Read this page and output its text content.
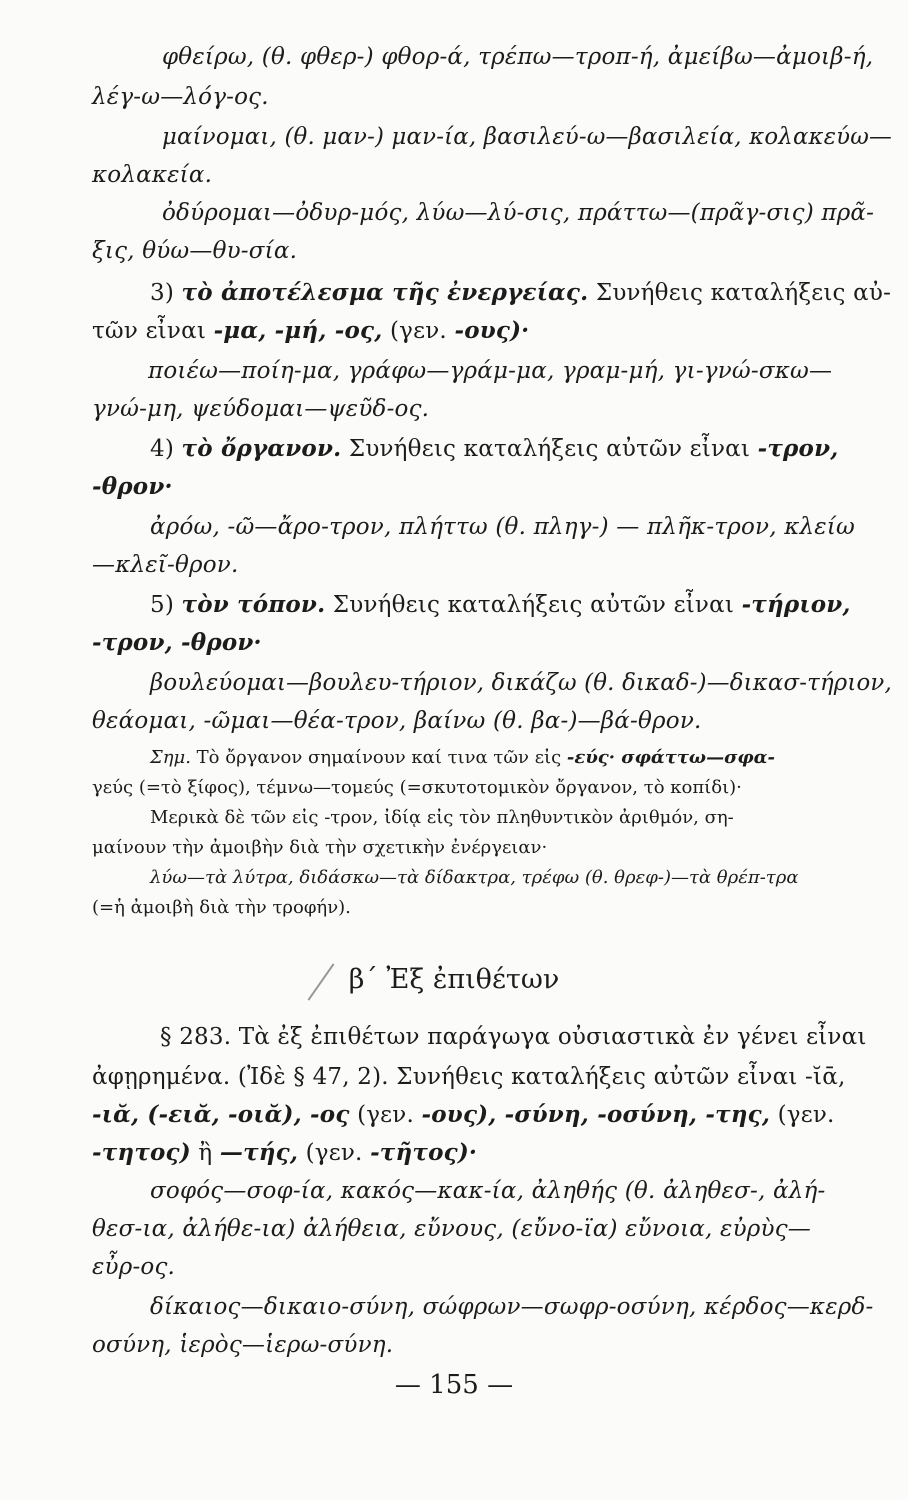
φθείρω, (θ. φθερ-) φθορ-ά, τρέπω—τροπ-ή, ἀμείβω—ἀμοιβ-ή,
λέγ-ω—λόγ-ος.
μαίνομαι, (θ. μαν-) μαν-ία, βασιλεύ-ω—βασιλεία, κολακεύω—
κολακεία.
ὀδύρομαι—ὀδυρ-μός, λύω—λύ-σις, πράττω—(πρᾶγ-σις) πρᾶ-
ξις, θύω—θυ-σία.
3) τὸ ἀποτέλεσμα τῆς ἐνεργείας. Συνήθεις καταλήξεις αὐ-
τῶν εἶναι -μα, -μή, -ος, (γεν. -ους)·
ποιέω—ποίη-μα, γράφω—γράμ-μα, γραμ-μή, γι-γνώ-σκω—
γνώ-μη, ψεύδομαι—ψεῦδ-ος.
4) τὸ ὄργανον. Συνήθεις καταλήξεις αὐτῶν εἶναι -τρον,
-θρον·
ἀρόω, -ῶ—ἄρο-τρον, πλήττω (θ. πληγ-) — πλῆκ-τρον, κλείω
—κλεῖ-θρον.
5) τὸν τόπον. Συνήθεις καταλήξεις αὐτῶν εἶναι -τήριον,
-τρον, -θρον·
βουλεύομαι—βουλευ-τήριον, δικάζω (θ. δικαδ-)—δικασ-τήριον,
θεάομαι, -ῶμαι—θέα-τρον, βαίνω (θ. βα-)—βά-θρον.
Σημ. Τὸ ὄργανον σημαίνουν καί τινα τῶν εἰς -εύς· σφάττω—σφα-
γεύς (=τὸ ξίφος), τέμνω—τομεύς (=σκυτοτομικὸν ὄργανον, τὸ κοπίδι)·
Μερικὰ δὲ τῶν εἰς -τρον, ἰδίᾳ εἰς τὸν πληθυντικὸν ἀριθμόν, ση-
μαίνουν τὴν ἀμοιβὴν διὰ τὴν σχετικὴν ἐνέργειαν·
λύω—τὰ λύτρα, διδάσκω—τὰ δίδακτρα, τρέφω (θ. θρεφ-)—τὰ θρέπ-τρα
(=ἡ ἀμοιβὴ διὰ τὴν τροφήν).
β΄ Ἐξ ἐπιθέτων
§ 283. Τὰ ἐξ ἐπιθέτων παράγωγα οὐσιαστικὰ ἐν γένει εἶναι
ἀφῃρημένα. (Ἰδὲ § 47, 2). Συνήθεις καταλήξεις αὐτῶν εἶναι -ῐᾱ,
-ιᾰ, (-ειᾰ, -οιᾰ), -ος (γεν. -ους), -σύνη, -οσύνη, -της, (γεν.
-τητος) ἢ —τής, (γεν. -τῆτος)·
σοφός—σοφ-ία, κακός—κακ-ία, ἀληθής (θ. ἀληθεσ-, ἀλή-
θεσ-ια, ἀλήθε-ια) ἀλήθεια, εὔνους, (εὔνο-ϊα) εὔνοια, εὐρὺς—
εὖρ-ος.
δίκαιος—δικαιο-σύνη, σώφρων—σωφρ-οσύνη, κέρδος—κερδ-
οσύνη, ἱερὸς—ἱερω-σύνη.
— 155 —
